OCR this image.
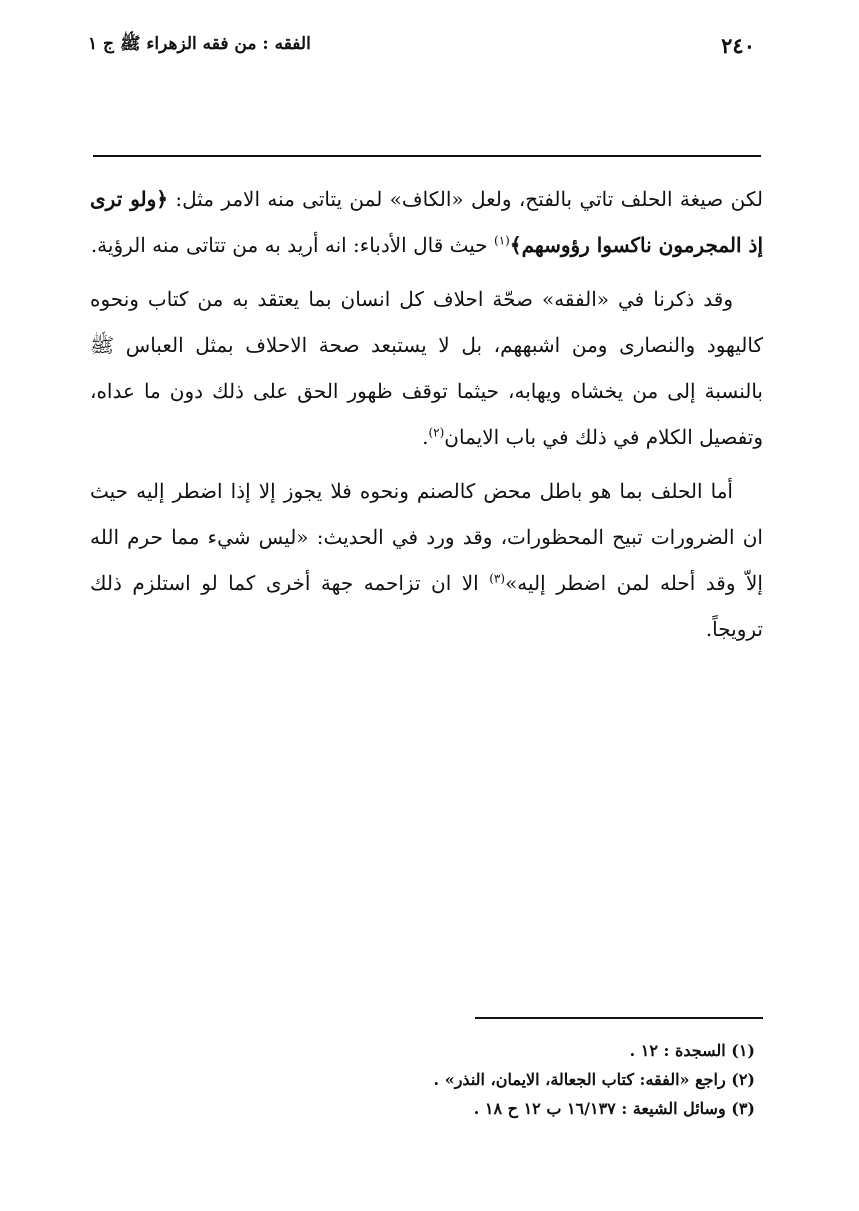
٢٤٠
الفقه : من فقه الزهراء ﷺ ج ١

لكن صيغة الحلف تاتي بالفتح، ولعل «الكاف» لمن يتاتى منه الامر مثل: ﴿ولو ترى إذ المجرمون ناكسوا رؤوسهم﴾$^{(١)}$ حيث قال الأدباء: انه أريد به من تتاتى منه الرؤية.

وقد ذكرنا في «الفقه» صحّة احلاف كل انسان بما يعتقد به من كتاب ونحوه كاليهود والنصارى ومن اشبههم، بل لا يستبعد صحة الاحلاف بمثل العباس ﷺ بالنسبة إلى من يخشاه ويهابه، حيثما توقف ظهور الحق على ذلك دون ما عداه، وتفصيل الكلام في ذلك في باب الايمان$^{(٢)}$.

أما الحلف بما هو باطل محض كالصنم ونحوه فلا يجوز إلا إذا اضطر إليه حيث ان الضرورات تبيح المحظورات، وقد ورد في الحديث: «ليس شيء مما حرم الله إلاّ وقد أحله لمن اضطر إليه»$^{(٣)}$ الا ان تزاحمه جهة أخرى كما لو استلزم ذلك ترويجاً.

(١) السجدة : ١٢ .

(٢) راجع «الفقه: كتاب الجعالة، الايمان، النذر» .

(٣) وسائل الشيعة : ١٦/١٣٧ ب ١٢ ح ١٨ .
